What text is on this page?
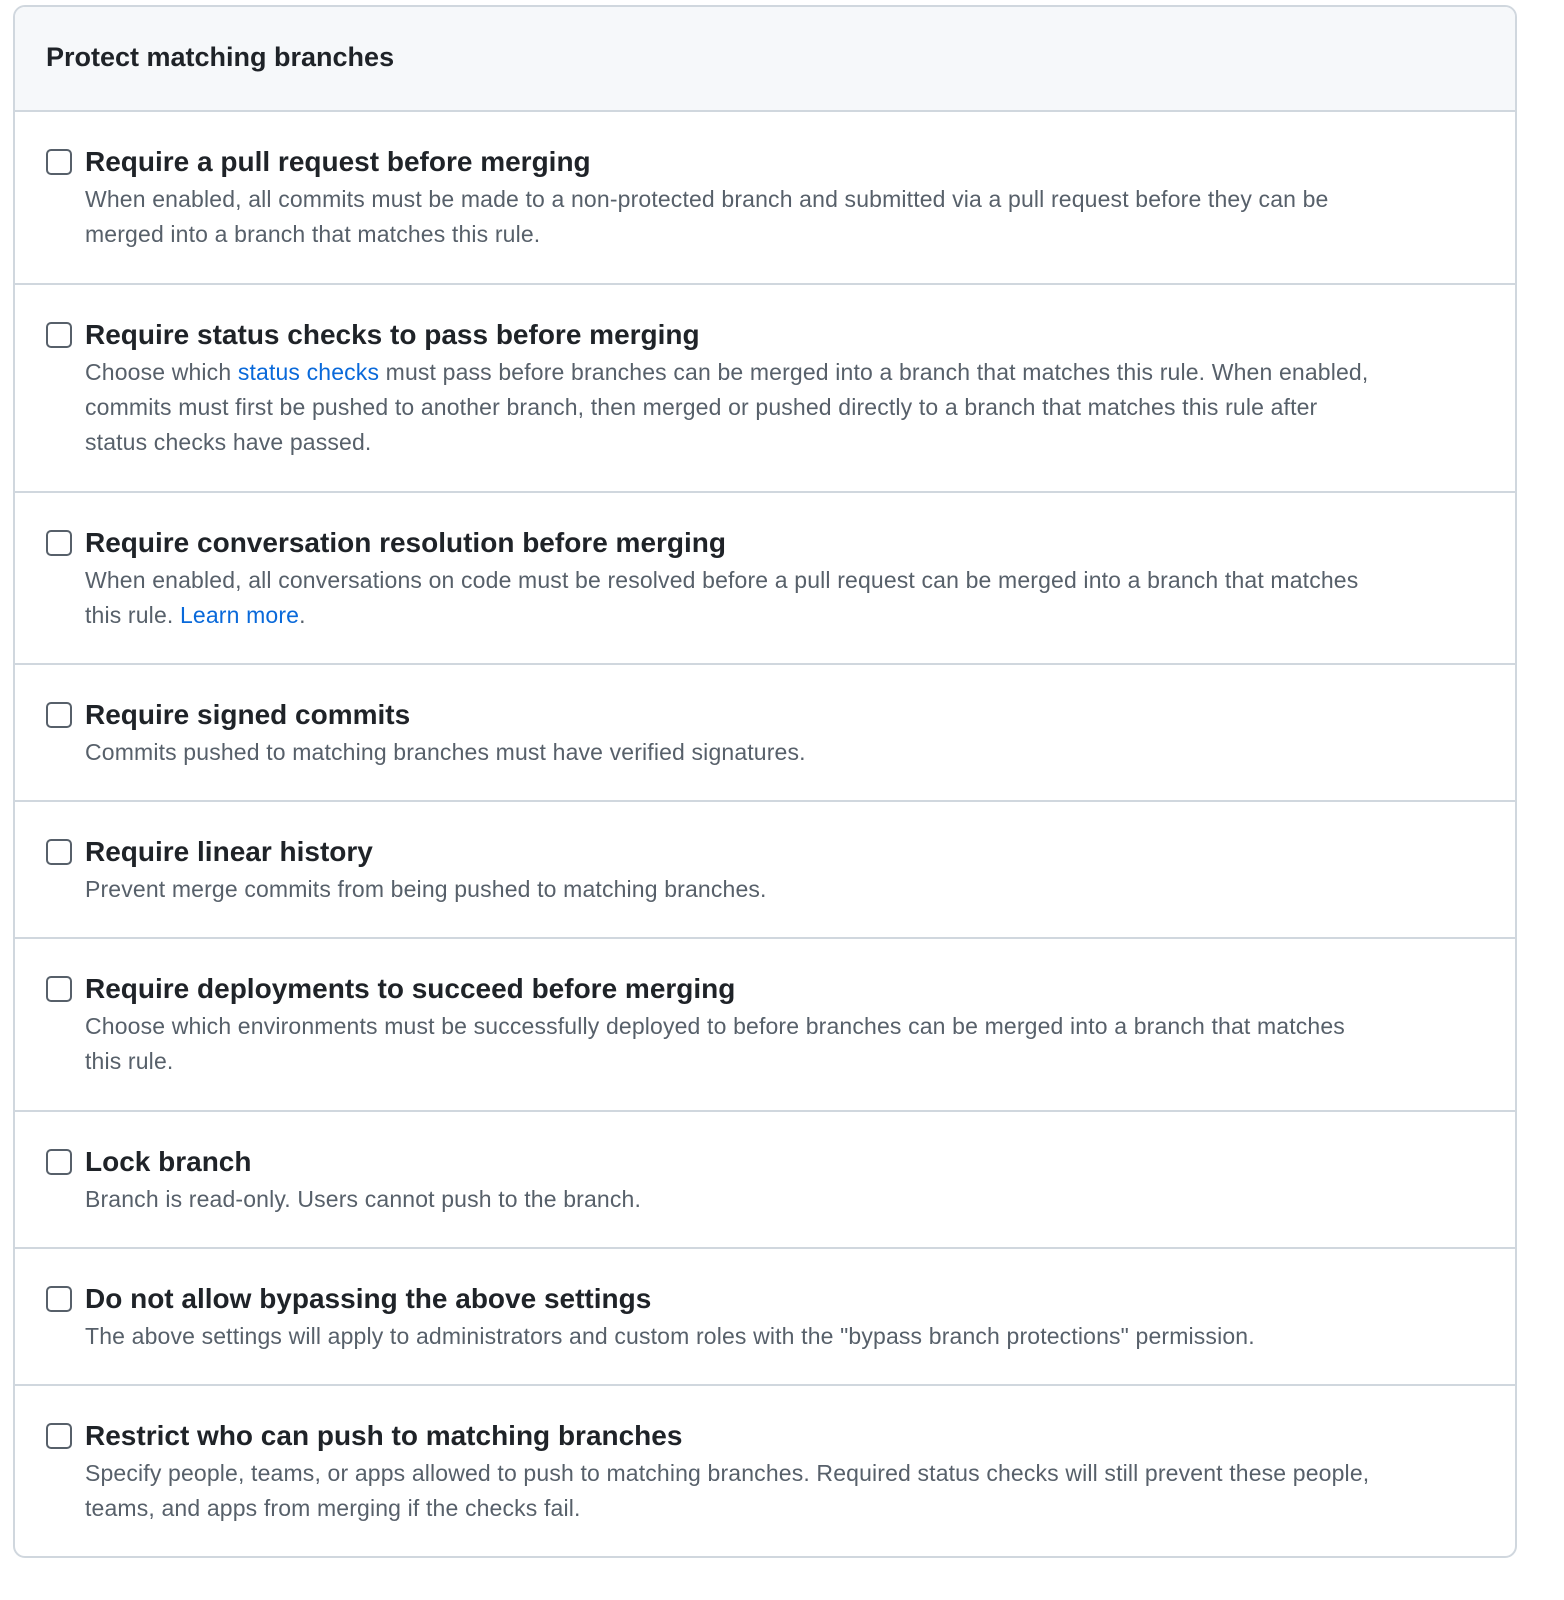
Protect matching branches
Require a pull request before merging
When enabled, all commits must be made to a non-protected branch and submitted via a pull request before they can be
merged into a branch that matches this rule.
Require status checks to pass before merging
Choose which status checks must pass before branches can be merged into a branch that matches this rule. When enabled,
commits must first be pushed to another branch, then merged or pushed directly to a branch that matches this rule after
status checks have passed.
Require conversation resolution before merging
When enabled, all conversations on code must be resolved before a pull request can be merged into a branch that matches
this rule. Learn more.
Require signed commits
Commits pushed to matching branches must have verified signatures.
Require linear history
Prevent merge commits from being pushed to matching branches.
Require deployments to succeed before merging
Choose which environments must be successfully deployed to before branches can be merged into a branch that matches
this rule.
Lock branch
Branch is read-only. Users cannot push to the branch.
Do not allow bypassing the above settings
The above settings will apply to administrators and custom roles with the "bypass branch protections" permission.
Restrict who can push to matching branches
Specify people, teams, or apps allowed to push to matching branches. Required status checks will still prevent these people,
teams, and apps from merging if the checks fail.
